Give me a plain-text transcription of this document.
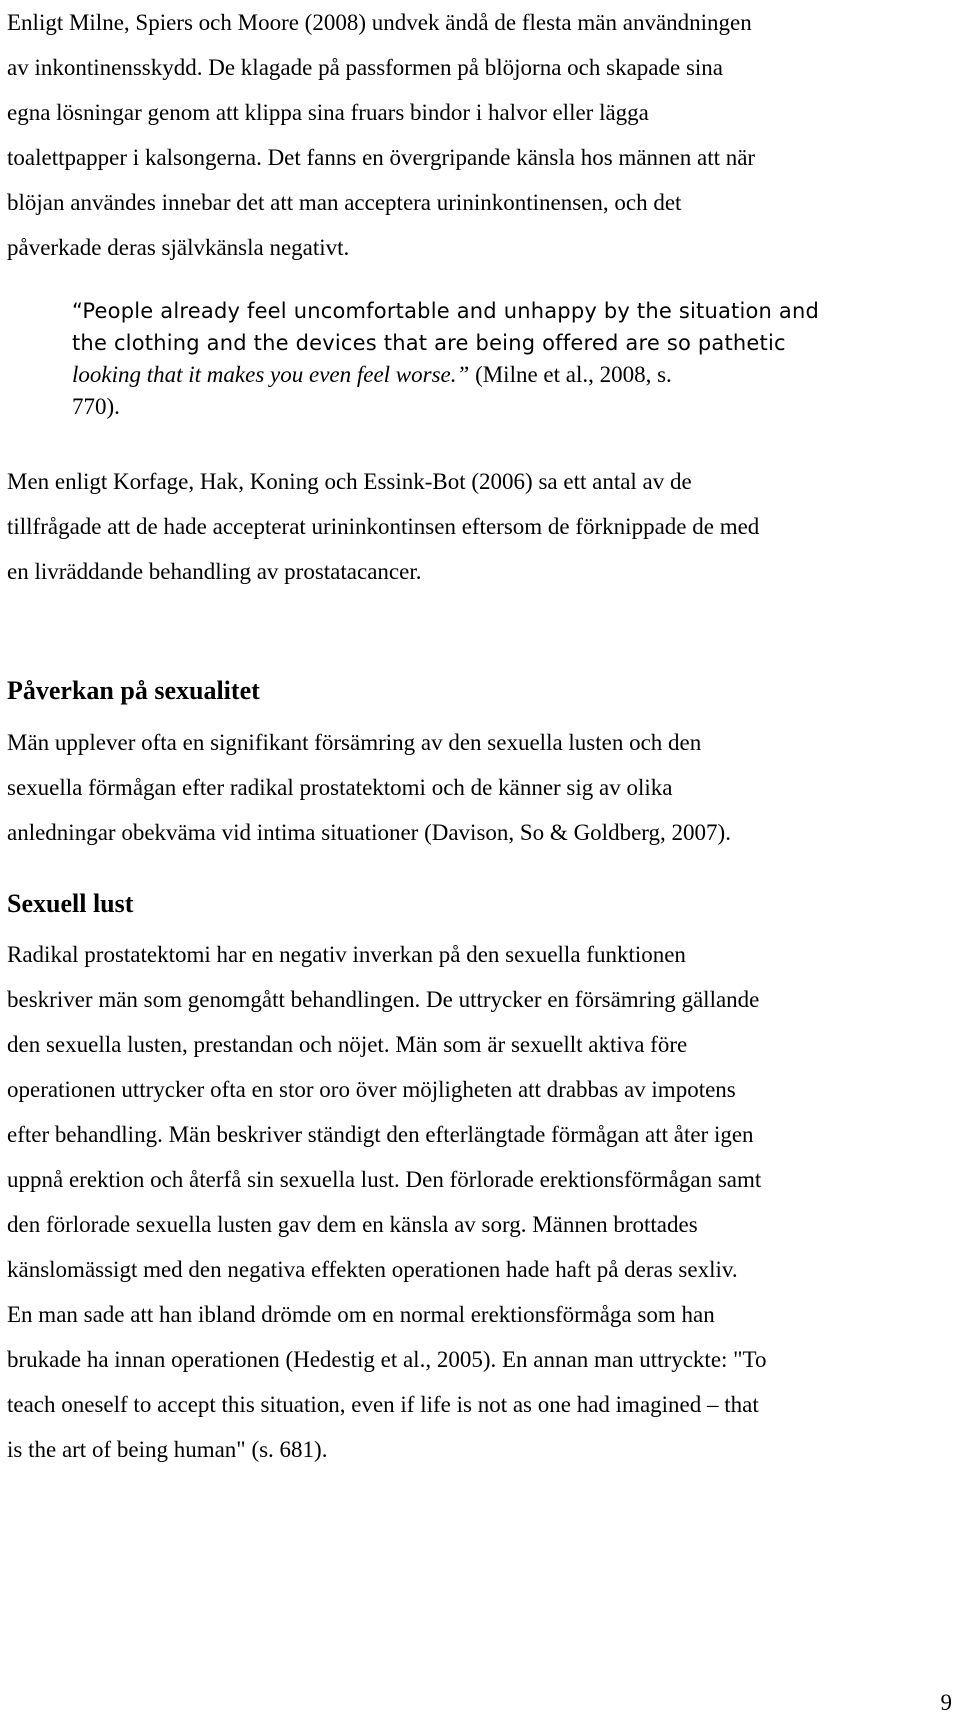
Enligt Milne, Spiers och Moore (2008) undvek ändå de flesta män användningen
av inkontinensskydd. De klagade på passformen på blöjorna och skapade sina
egna lösningar genom att klippa sina fruars bindor i halvor eller lägga
toalettpapper i kalsongerna. Det fanns en övergripande känsla hos männen att när
blöjan användes innebar det att man acceptera urininkontinensen, och det
påverkade deras självkänsla negativt.
“People already feel uncomfortable and unhappy by the situation and
the clothing and the devices that are being offered are so pathetic
looking that it makes you even feel worse.” (Milne et al., 2008, s.
770).
Men enligt Korfage, Hak, Koning och Essink-Bot (2006) sa ett antal av de
tillfrågade att de hade accepterat urininkontinsen eftersom de förknippade de med
en livräddande behandling av prostatacancer.
Påverkan på sexualitet
Män upplever ofta en signifikant försämring av den sexuella lusten och den
sexuella förmågan efter radikal prostatektomi och de känner sig av olika
anledningar obekväma vid intima situationer (Davison, So & Goldberg, 2007).
Sexuell lust
Radikal prostatektomi har en negativ inverkan på den sexuella funktionen
beskriver män som genomgått behandlingen. De uttrycker en försämring gällande
den sexuella lusten, prestandan och nöjet. Män som är sexuellt aktiva före
operationen uttrycker ofta en stor oro över möjligheten att drabbas av impotens
efter behandling. Män beskriver ständigt den efterlängtade förmågan att åter igen
uppnå erektion och återfå sin sexuella lust. Den förlorade erektionsförmågan samt
den förlorade sexuella lusten gav dem en känsla av sorg. Männen brottades
känslomässigt med den negativa effekten operationen hade haft på deras sexliv.
En man sade att han ibland drömde om en normal erektionsförmåga som han
brukade ha innan operationen (Hedestig et al., 2005). En annan man uttryckte: "To
teach oneself to accept this situation, even if life is not as one had imagined – that
is the art of being human" (s. 681).
9
